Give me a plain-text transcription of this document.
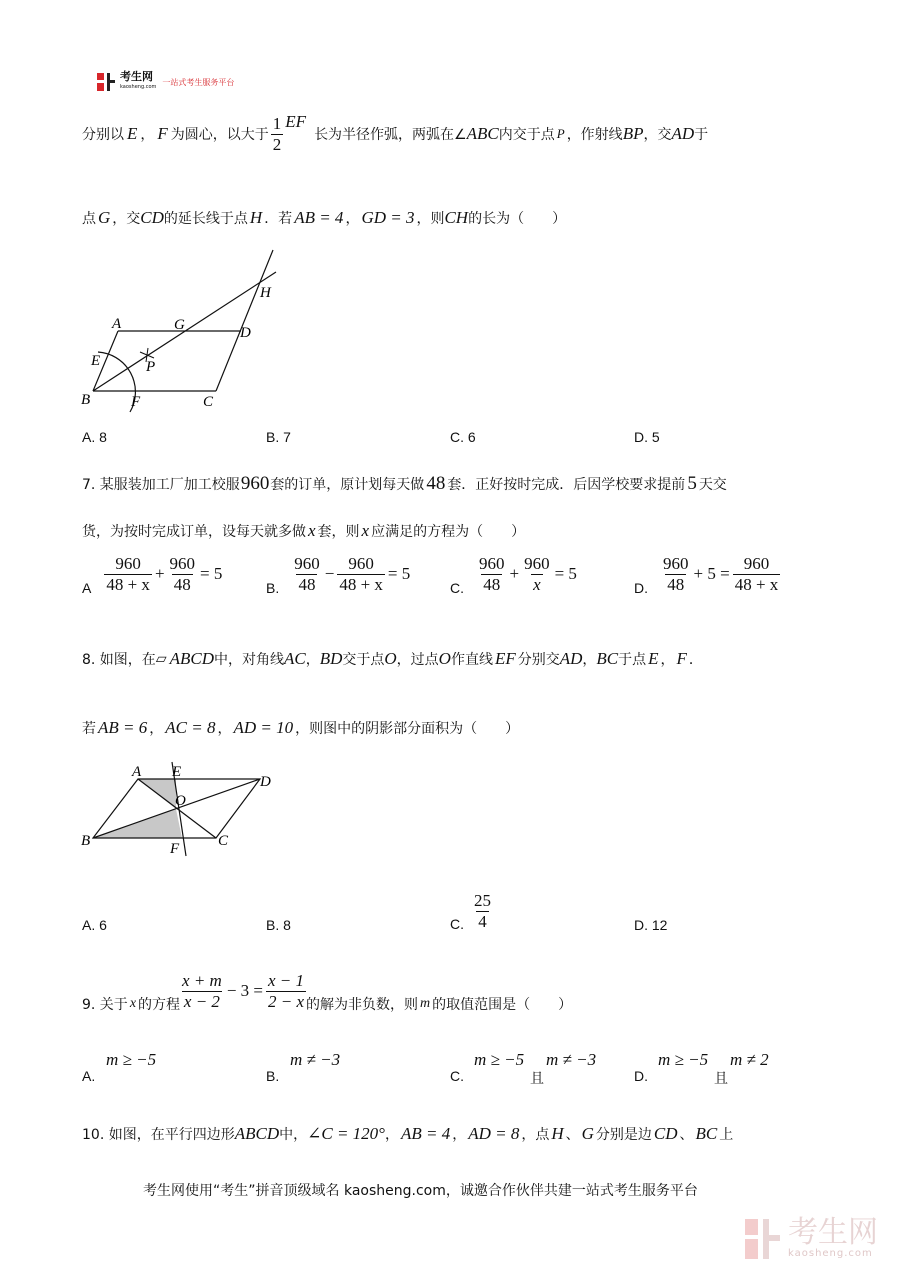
考生网
kaosheng.com
一站式考生服务平台
分别以 E ， F 为圆心，以大于 $\frac{1}{2}$ EF
长为半径作弧，两弧在∠ ABC 内交于点 P ，作射线 BP ，交 AD 于
点 G ，交 CD 的延长线于点 H ．若 AB = 4 ， GD = 3 ，则 CH 的长为（　　）
A	G	D
H
E	P
B	F	C
A. 8	B. 7	C. 6	D. 5
7. 某服装加工厂加工校服 960 套的订单，原计划每天做 48 套．正好按时完成．后因学校要求提前 5 天交
货，为按时完成订单，设每天就多做 x 套，则 x 应满足的方程为（　　）
A $\frac{960}{48 + x} + \frac{960}{48} = 5$
B. $\frac{960}{48} - \frac{960}{48 + x} = 5$
C. $\frac{960}{48} + \frac{960}{x} = 5$
D. $\frac{960}{48} + 5 = \frac{960}{48 + x}$
8. 如图，在 ▱ ABCD 中，对角线 AC ， BD 交于点 O ，过点 O 作直线 EF 分别交 AD ， BC 于点 E ， F ．
若 AB = 6 ， AC = 8 ， AD = 10 ，则图中的阴影部分面积为（　　）
A E
D
O
B	F	C
A. 6	B. 8	C. $\frac{25}{4}$	D. 12
9. 关于 x 的方程 $\frac{x + m}{x - 2} - 3 = \frac{x - 1}{2 - x}$ 的解为非负数，则 m 的取值范围是（　　）
A.
m ≥ −5
B.
m ≠ −3
C.
m ≥ −5
且
m ≠ −3
D.
m ≥ −5
且
m ≠ 2
10. 如图，在平行四边形 ABCD 中， ∠C = 120° ， AB = 4 ， AD = 8 ，点 H 、 G 分别是边 CD 、 BC 上
考生网使用“考生”拼音顶级域名 kaosheng.com，诚邀合作伙伴共建一站式考生服务平台
考生网
kaosheng.com
